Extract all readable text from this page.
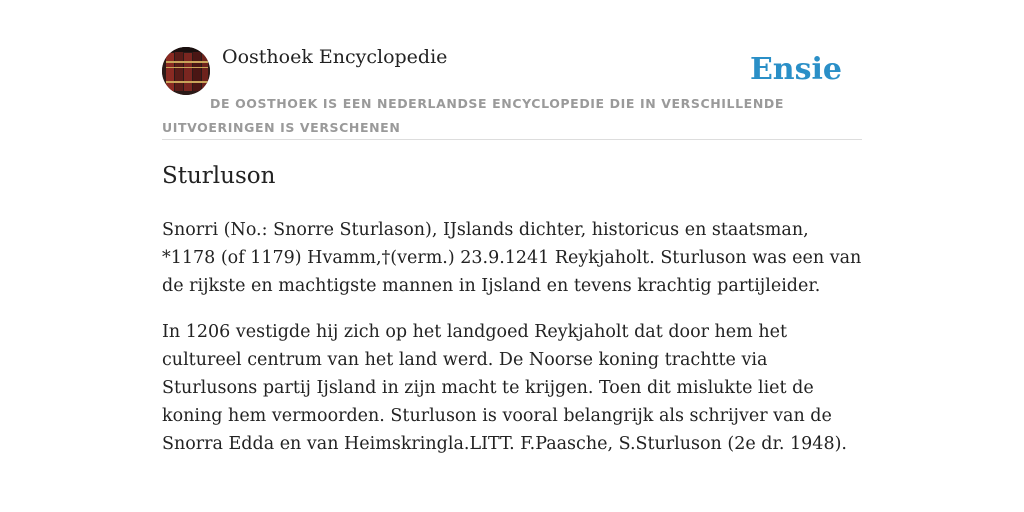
Oosthoek Encyclopedie	Ensie
DE OOSTHOEK IS EEN NEDERLANDSE ENCYCLOPEDIE DIE IN VERSCHILLENDE UITVOERINGEN IS VERSCHENEN
Sturluson

Snorri (No.: Snorre Sturlason), IJslands dichter, historicus en staatsman, *1178 (of 1179) Hvamm,†(verm.) 23.9.1241 Reykjaholt. Sturluson was een van de rijkste en machtigste mannen in Ijsland en tevens krachtig partijleider.

In 1206 vestigde hij zich op het landgoed Reykjaholt dat door hem het cultureel centrum van het land werd. De Noorse koning trachtte via Sturlusons partij Ijsland in zijn macht te krijgen. Toen dit mislukte liet de koning hem vermoorden. Sturluson is vooral belangrijk als schrijver van de Snorra Edda en van Heimskringla.LITT. F.Paasche, S.Sturluson (2e dr. 1948).
